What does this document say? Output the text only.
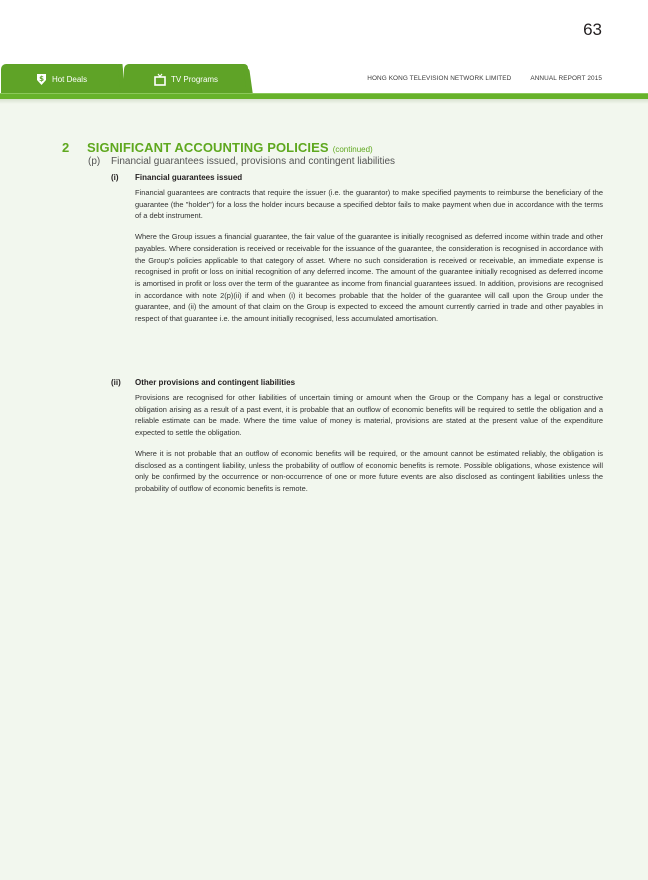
63
$ Hot Deals	TV Programs	HONG KONG TELEVISION NETWORK LIMITED	ANNUAL REPORT 2015
2	SIGNIFICANT ACCOUNTING POLICIES (continued)
(p)	Financial guarantees issued, provisions and contingent liabilities
(i)	Financial guarantees issued

Financial guarantees are contracts that require the issuer (i.e. the guarantor) to make specified payments to reimburse the beneficiary of the guarantee (the "holder") for a loss the holder incurs because a specified debtor fails to make payment when due in accordance with the terms of a debt instrument.

Where the Group issues a financial guarantee, the fair value of the guarantee is initially recognised as deferred income within trade and other payables. Where consideration is received or receivable for the issuance of the guarantee, the consideration is recognised in accordance with the Group's policies applicable to that category of asset. Where no such consideration is received or receivable, an immediate expense is recognised in profit or loss on initial recognition of any deferred income. The amount of the guarantee initially recognised as deferred income is amortised in profit or loss over the term of the guarantee as income from financial guarantees issued. In addition, provisions are recognised in accordance with note 2(p)(ii) if and when (i) it becomes probable that the holder of the guarantee will call upon the Group under the guarantee, and (ii) the amount of that claim on the Group is expected to exceed the amount currently carried in trade and other payables in respect of that guarantee i.e. the amount initially recognised, less accumulated amortisation.

(ii)	Other provisions and contingent liabilities

Provisions are recognised for other liabilities of uncertain timing or amount when the Group or the Company has a legal or constructive obligation arising as a result of a past event, it is probable that an outflow of economic benefits will be required to settle the obligation and a reliable estimate can be made. Where the time value of money is material, provisions are stated at the present value of the expenditure expected to settle the obligation.

Where it is not probable that an outflow of economic benefits will be required, or the amount cannot be estimated reliably, the obligation is disclosed as a contingent liability, unless the probability of outflow of economic benefits is remote. Possible obligations, whose existence will only be confirmed by the occurrence or non-occurrence of one or more future events are also disclosed as contingent liabilities unless the probability of outflow of economic benefits is remote.
